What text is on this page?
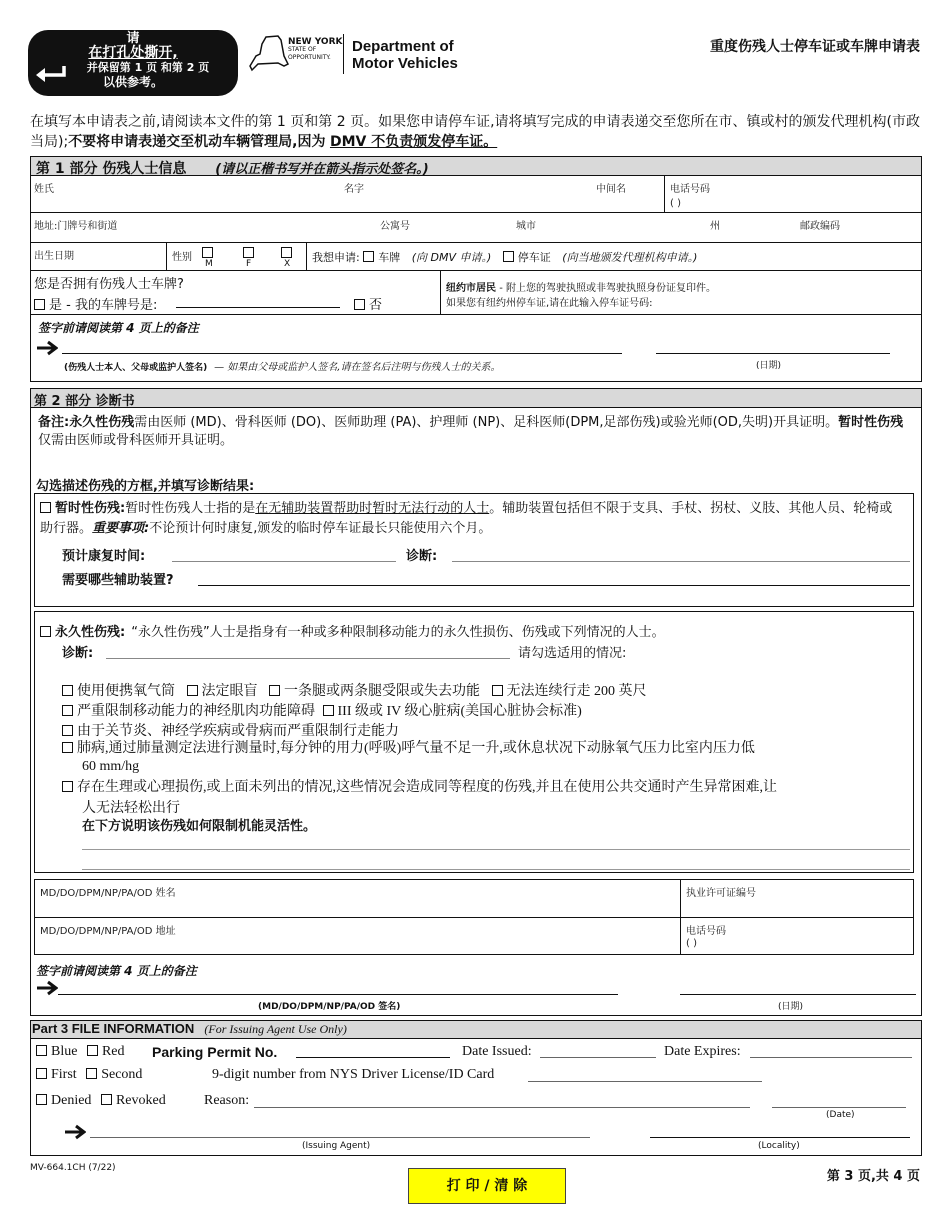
请
在打孔处撕开,
并保留第 1 页 和第 2 页
以供参考。
NEW YORK
STATE OF
OPPORTUNITY.
Department of
Motor Vehicles
重度伤残人士停车证或车牌申请表
在填写本申请表之前,请阅读本文件的第 1 页和第 2 页。如果您申请停车证,请将填写完成的申请表递交至您所在市、镇或村的颁发代理机构(市政当局);不要将申请表递交至机动车辆管理局,因为 DMV 不负责颁发停车证。
第 1 部分 伤残人士信息 (请以正楷书写并在箭头指示处签名。)
姓氏	名字	中间名	电话号码
( )
地址:门牌号和街道	公寓号	城市	州	邮政编码
出生日期	性别
M	F	X 我想申请: 车牌 (向 DMV 申请。) 停车证 (向当地颁发代理机构申请。)
您是否拥有伤残人士车牌?
是 - 我的车牌号是:	否
纽约市居民 - 附上您的驾驶执照或非驾驶执照身份证复印件。
如果您有纽约州停车证,请在此输入停车证号码:
签字前请阅读第 4 页上的备注
(伤残人士本人、父母或监护人签名) — 如果由父母或监护人签名,请在签名后注明与伤残人士的关系。	(日期)
第 2 部分 诊断书
备注:永久性伤残需由医师 (MD)、骨科医师 (DO)、医师助理 (PA)、护理师 (NP)、足科医师(DPM,足部伤残)或验光师(OD,失明)开具证明。暂时性伤残仅需由医师或骨科医师开具证明。
勾选描述伤残的方框,并填写诊断结果:
暂时性伤残:暂时性伤残人士指的是在无辅助装置帮助时暂时无法行动的人士。辅助装置包括但不限于支具、手杖、拐杖、义肢、其他人员、轮椅或助行器。重要事项:不论预计何时康复,颁发的临时停车证最长只能使用六个月。
预计康复时间:	诊断:
需要哪些辅助装置?
永久性伤残: “永久性伤残”人士是指身有一种或多种限制移动能力的永久性损伤、伤残或下列情况的人士。
诊断:	请勾选适用的情况:
使用便携氧气筒 法定眼盲 一条腿或两条腿受限或失去功能 无法连续行走 200 英尺
严重限制移动能力的神经肌肉功能障碍 III 级或 IV 级心脏病(美国心脏协会标准)
由于关节炎、神经学疾病或骨病而严重限制行走能力
肺病,通过肺量测定法进行测量时,每分钟的用力(呼吸)呼气量不足一升,或休息状况下动脉氧气压力比室内压力低
60 mm/hg
存在生理或心理损伤,或上面未列出的情况,这些情况会造成同等程度的伤残,并且在使用公共交通时产生异常困难,让
人无法轻松出行
在下方说明该伤残如何限制机能灵活性。
MD/DO/DPM/NP/PA/OD 姓名	执业许可证编号
MD/DO/DPM/NP/PA/OD 地址	电话号码
( )
签字前请阅读第 4 页上的备注
(MD/DO/DPM/NP/PA/OD 签名)	(日期)
Part 3 FILE INFORMATION (For Issuing Agent Use Only)
Blue Red Parking Permit No.	Date Issued:	Date Expires:
First Second	9-digit number from NYS Driver License/ID Card
Denied Revoked	Reason:
(Date)
(Issuing Agent)	(Locality)
MV-664.1CH (7/22)
打 印 / 清 除
第 3 页,共 4 页
